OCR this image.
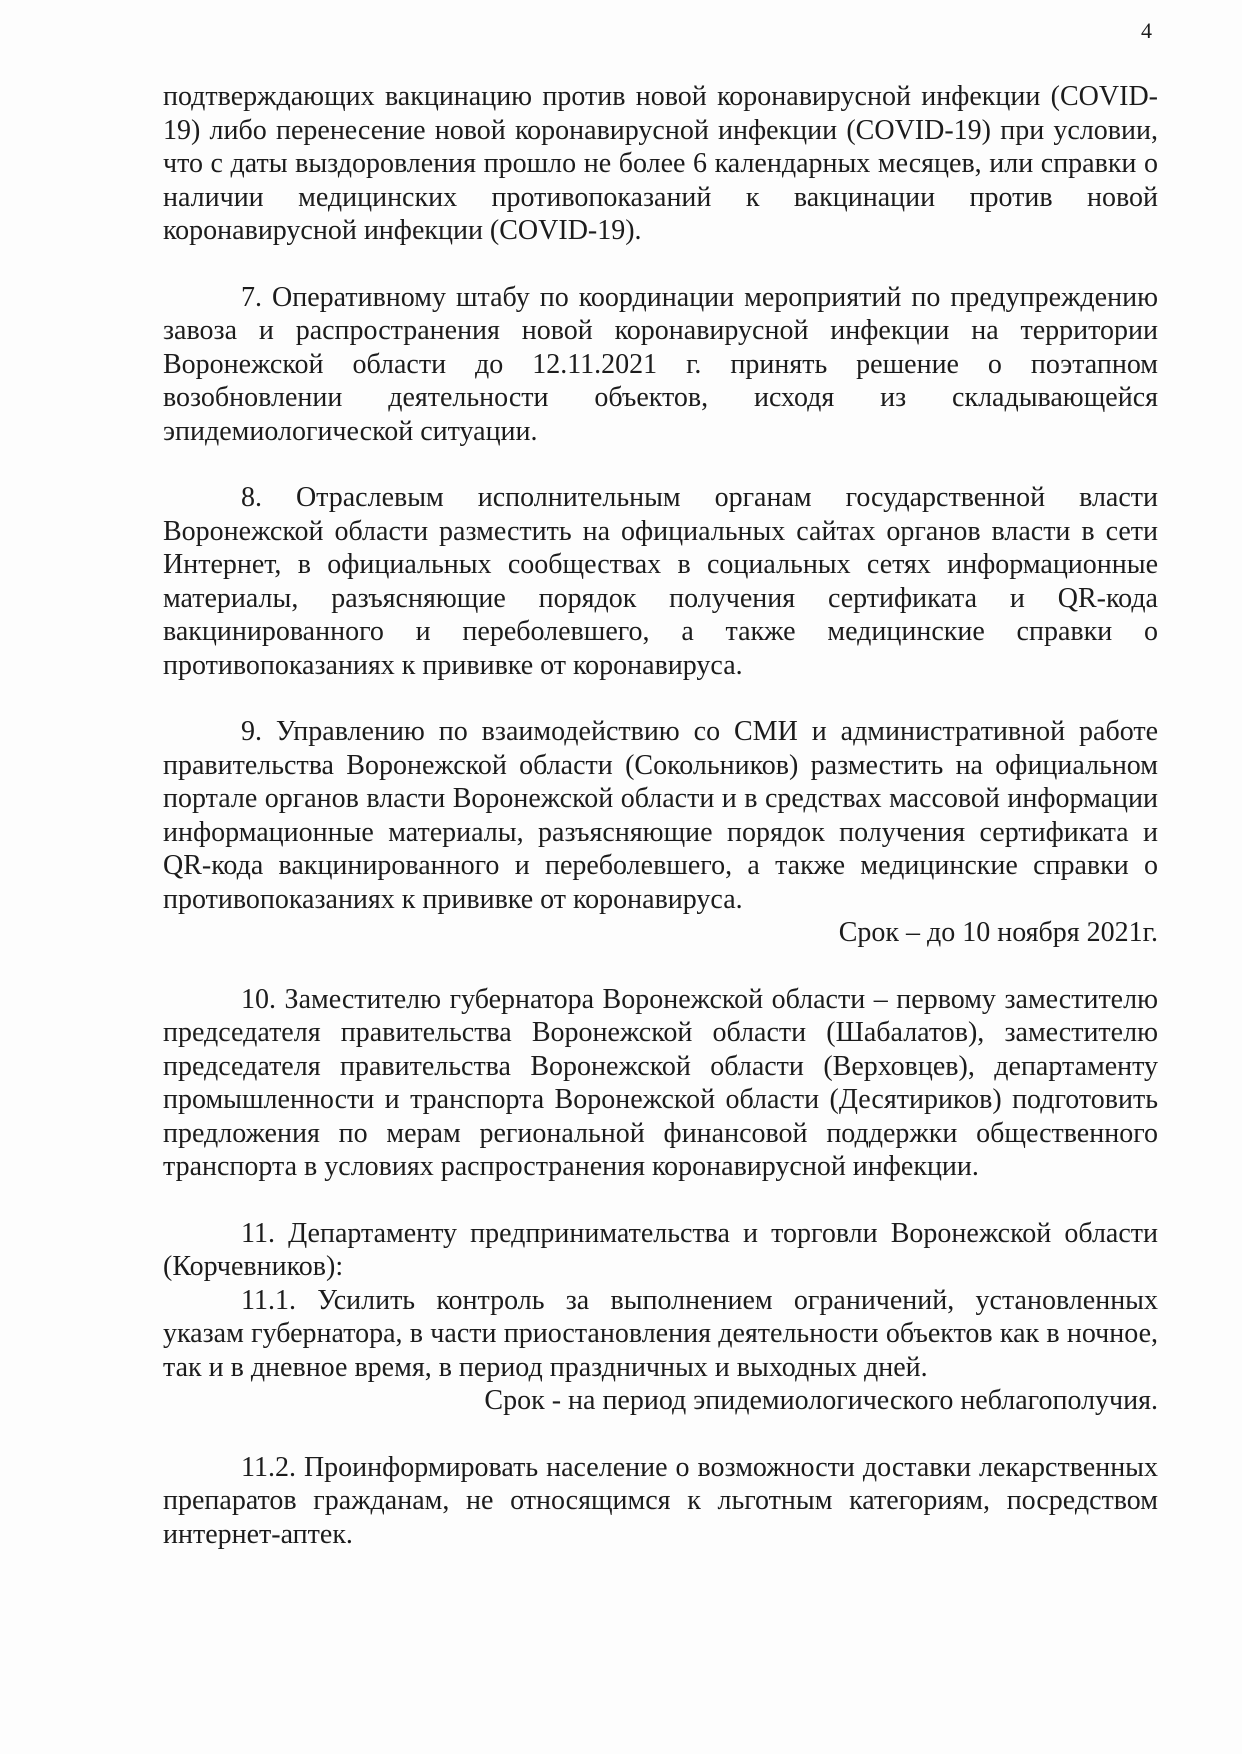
4

подтверждающих вакцинацию против новой коронавирусной инфекции (COVID-19) либо перенесение новой коронавирусной инфекции (COVID-19) при условии, что с даты выздоровления прошло не более 6 календарных месяцев, или справки о наличии медицинских противопоказаний к вакцинации против новой коронавирусной инфекции (COVID-19).

7. Оперативному штабу по координации мероприятий по предупреждению завоза и распространения новой коронавирусной инфекции на территории Воронежской области до 12.11.2021 г. принять решение о поэтапном возобновлении деятельности объектов, исходя из складывающейся эпидемиологической ситуации.

8. Отраслевым исполнительным органам государственной власти Воронежской области разместить на официальных сайтах органов власти в сети Интернет, в официальных сообществах в социальных сетях информационные материалы, разъясняющие порядок получения сертификата и QR-кода вакцинированного и переболевшего, а также медицинские справки о противопоказаниях к прививке от коронавируса.

9. Управлению по взаимодействию со СМИ и административной работе правительства Воронежской области (Сокольников) разместить на официальном портале органов власти Воронежской области и в средствах массовой информации информационные материалы, разъясняющие порядок получения сертификата и QR-кода вакцинированного и переболевшего, а также медицинские справки о противопоказаниях к прививке от коронавируса.

Срок – до 10 ноября 2021г.

10. Заместителю губернатора Воронежской области – первому заместителю председателя правительства Воронежской области (Шабалатов), заместителю председателя правительства Воронежской области (Верховцев), департаменту промышленности и транспорта Воронежской области (Десятириков) подготовить предложения по мерам региональной финансовой поддержки общественного транспорта в условиях распространения коронавирусной инфекции.

11. Департаменту предпринимательства и торговли Воронежской области (Корчевников):

11.1. Усилить контроль за выполнением ограничений, установленных указам губернатора, в части приостановления деятельности объектов как в ночное, так и в дневное время, в период праздничных и выходных дней.

Срок - на период эпидемиологического неблагополучия.

11.2. Проинформировать население о возможности доставки лекарственных препаратов гражданам, не относящимся к льготным категориям, посредством интернет-аптек.
